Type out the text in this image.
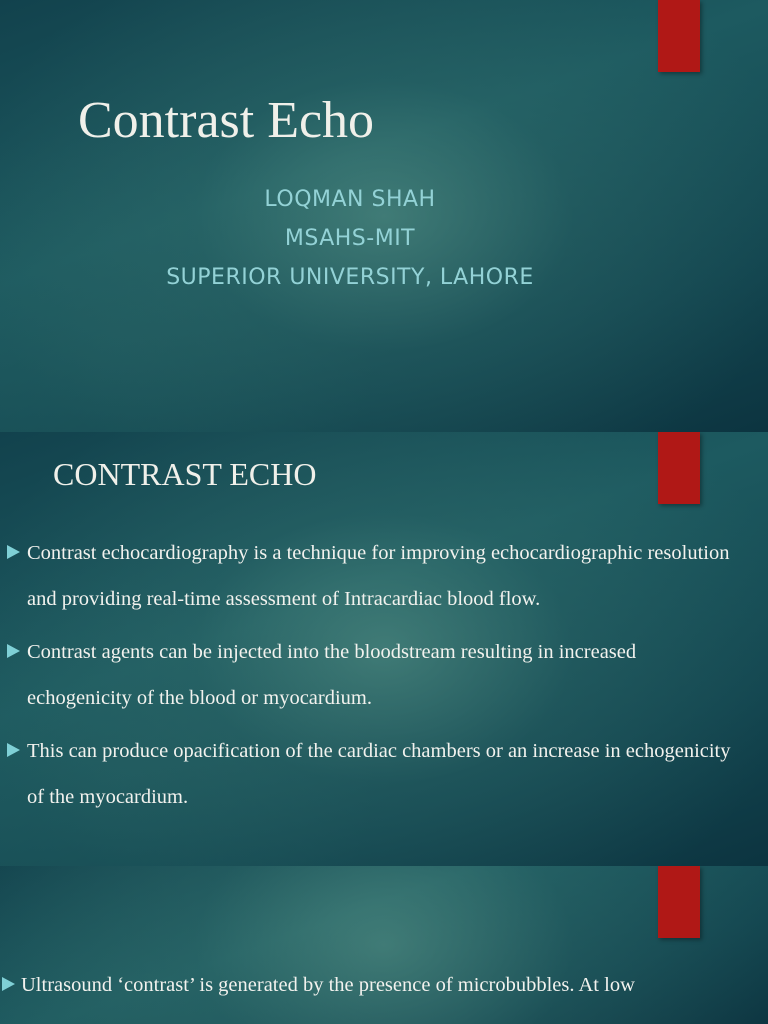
Contrast Echo
LOQMAN SHAH
MSAHS-MIT
SUPERIOR UNIVERSITY, LAHORE
CONTRAST ECHO
Contrast echocardiography is a technique for improving echocardiographic resolution and providing real-time assessment of Intracardiac blood flow.
Contrast agents can be injected into the bloodstream resulting in increased echogenicity of the blood or myocardium.
This can produce opacification of the cardiac chambers or an increase in echogenicity of the myocardium.
Ultrasound ‘contrast’ is generated by the presence of microbubbles. At low
